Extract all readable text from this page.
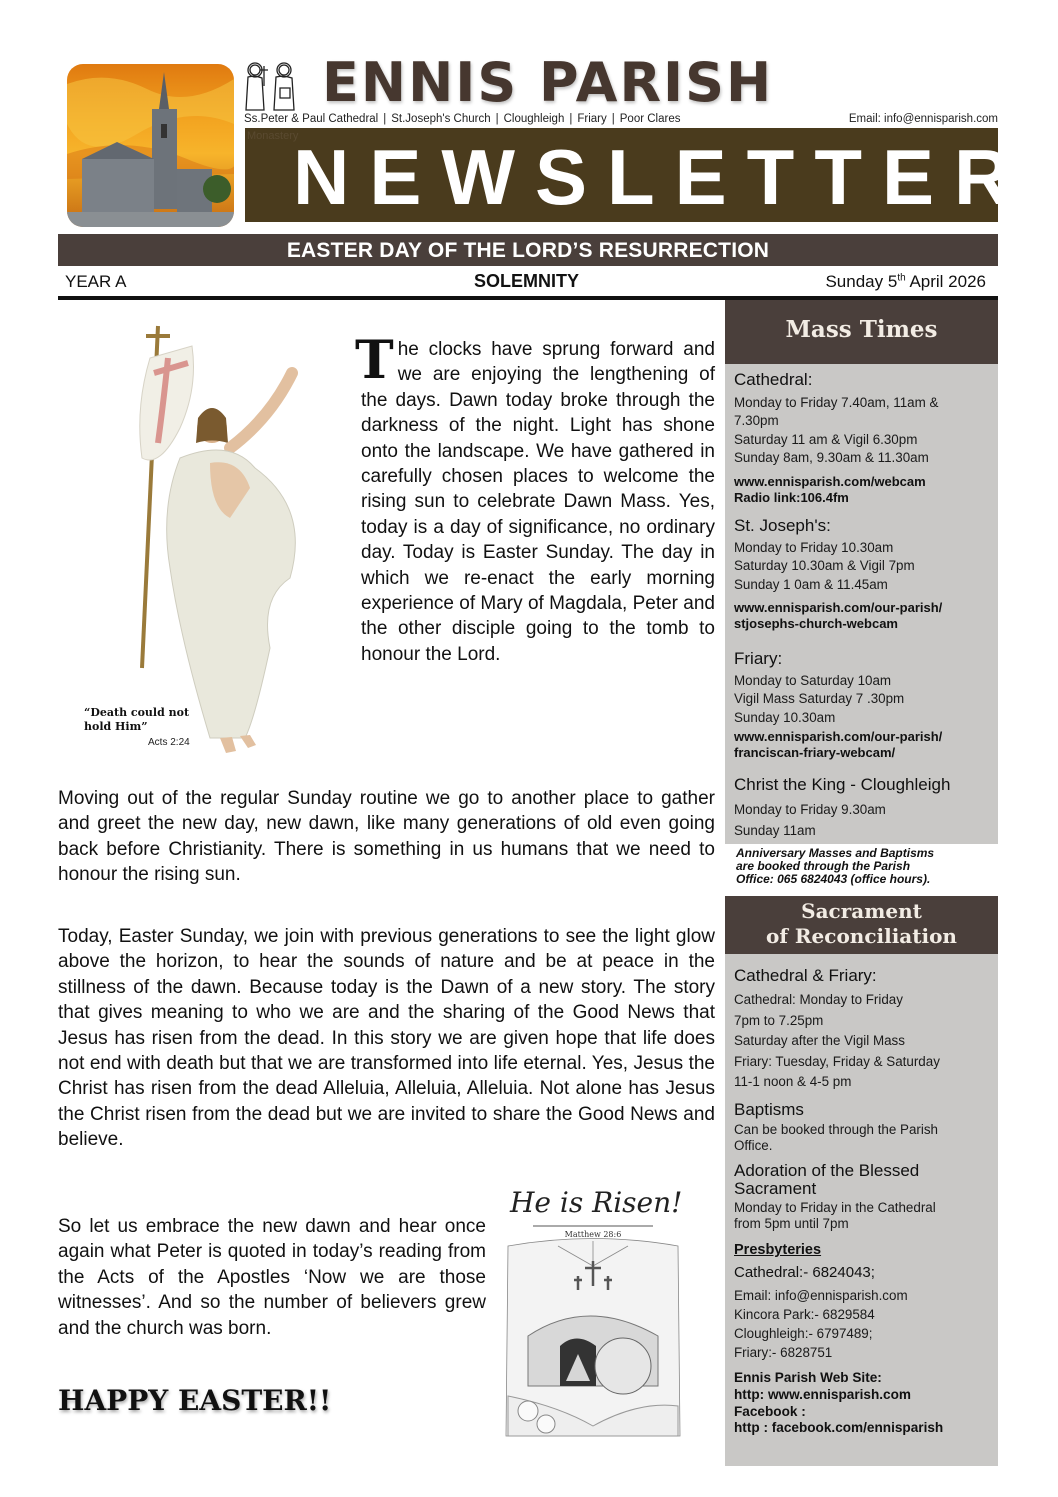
ENNIS PARISH
Ss.Peter & Paul Cathedral | St.Joseph's Church | Cloughleigh | Friary | Poor Clares	Email: info@ennisparish.com
Monastery
NEWSLETTER
EASTER DAY OF THE LORD’S RESURRECTION
YEAR A	SOLEMNITY	Sunday 5th April 2026
“Death could not hold Him”
Acts 2:24
The clocks have sprung forward and we are enjoying the lengthening of the days. Dawn today broke through the darkness of the night. Light has shone onto the landscape. We have gathered in carefully chosen places to welcome the rising sun to celebrate Dawn Mass. Yes, today is a day of significance, no ordinary day. Today is Easter Sunday. The day in which we re-enact the early morning experience of Mary of Magdala, Peter and the other disciple going to the tomb to honour the Lord.
Moving out of the regular Sunday routine we go to another place to gather and greet the new day, new dawn, like many generations of old even going back before Christianity. There is something in us humans that we need to honour the rising sun.
Today, Easter Sunday, we join with previous generations to see the light glow above the horizon, to hear the sounds of nature and be at peace in the stillness of the dawn. Because today is the Dawn of a new story. The story that gives meaning to who we are and the sharing of the Good News that Jesus has risen from the dead. In this story we are given hope that life does not end with death but that we are transformed into life eternal. Yes, Jesus the Christ has risen from the dead Alleluia, Alleluia, Alleluia. Not alone has Jesus the Christ risen from the dead but we are invited to share the Good News and believe.
So let us embrace the new dawn and hear once again what Peter is quoted in today’s reading from the Acts of the Apostles ‘Now we are those witnesses’. And so the number of believers grew and the church was born.
HAPPY EASTER!!
He is Risen!
Matthew 28:6
Mass Times
Cathedral:
Monday to Friday 7.40am, 11am &
7.30pm
Saturday 11 am & Vigil 6.30pm
Sunday 8am, 9.30am & 11.30am
www.ennisparish.com/webcam
Radio link:106.4fm
St. Joseph's:
Monday to Friday 10.30am
Saturday 10.30am & Vigil 7pm
Sunday 1 0am & 11.45am
www.ennisparish.com/our-parish/
stjosephs-church-webcam
Friary:
Monday to Saturday 10am
Vigil Mass Saturday 7 .30pm
Sunday 10.30am
www.ennisparish.com/our-parish/
franciscan-friary-webcam/
Christ the King - Cloughleigh
Monday to Friday 9.30am
Sunday 11am
Anniversary Masses and Baptisms
are booked through the Parish
Office: 065 6824043 (office hours).
Sacrament
of Reconciliation
Cathedral & Friary:
Cathedral: Monday to Friday
7pm to 7.25pm
Saturday after the Vigil Mass
Friary: Tuesday, Friday & Saturday
11-1 noon & 4-5 pm
Baptisms
Can be booked through the Parish
Office.
Adoration of the Blessed
Sacrament
Monday to Friday in the Cathedral
from 5pm until 7pm
Presbyteries
Cathedral:- 6824043;
Email: info@ennisparish.com
Kincora Park:- 6829584
Cloughleigh:- 6797489;
Friary:- 6828751
Ennis Parish Web Site:
http: www.ennisparish.com
Facebook :
http : facebook.com/ennisparish
